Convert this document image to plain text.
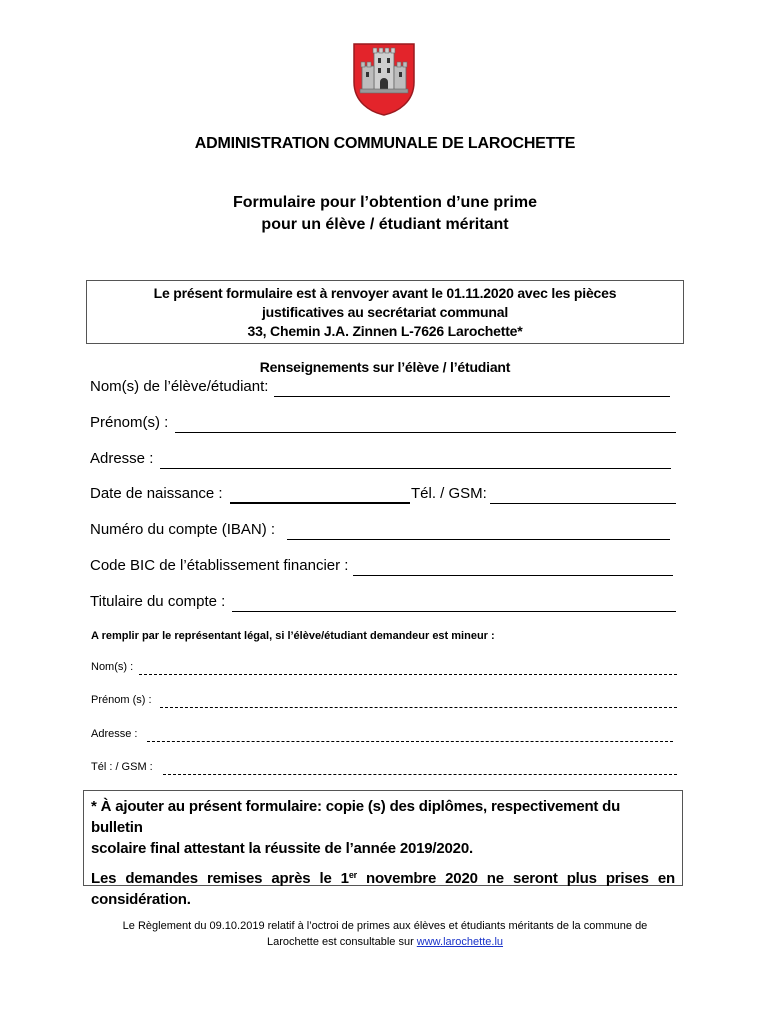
ADMINISTRATION COMMUNALE DE LAROCHETTE
Formulaire pour l’obtention d’une prime
pour un élève / étudiant méritant
Le présent formulaire est à renvoyer avant le 01.11.2020 avec les pièces
justificatives au secrétariat communal
33, Chemin J.A. Zinnen L-7626 Larochette*
Renseignements sur l’élève / l’étudiant
Nom(s) de l’élève/étudiant:
Prénom(s) :
Adresse :
Date de naissance :	Tél. / GSM:
Numéro du compte (IBAN) :
Code BIC de l’établissement financier :
Titulaire du compte :
A remplir par le représentant légal, si l’élève/étudiant demandeur est mineur :
Nom(s) :
Prénom (s) :
Adresse :
Tél : / GSM :

* À ajouter au présent formulaire: copie (s) des diplômes, respectivement du bulletin
scolaire final attestant la réussite de l’année 2019/2020.

Les demandes remises après le 1er novembre 2020 ne seront plus prises en considération.

Le Règlement du 09.10.2019 relatif à l’octroi de primes aux élèves et étudiants méritants de la commune de
Larochette est consultable sur www.larochette.lu
